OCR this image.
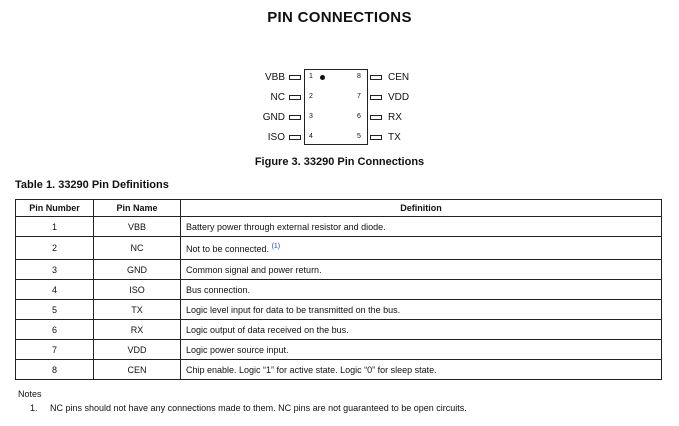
PIN CONNECTIONS
VBB	1
NC	2
GND	3
ISO	4
8	CEN
7	VDD
6	RX
5	TX
Figure 3. 33290 Pin Connections
Table 1. 33290 Pin Definitions
Pin Number	Pin Name	Definition
1	VBB	Battery power through external resistor and diode.
2	NC	Not to be connected. $^{(1)}$
3	GND	Common signal and power return.
4	ISO	Bus connection.
5	TX	Logic level input for data to be transmitted on the bus.
6	RX	Logic output of data received on the bus.
7	VDD	Logic power source input.
8	CEN	Chip enable. Logic “1” for active state. Logic “0” for sleep state.
Notes
1. NC pins should not have any connections made to them. NC pins are not guaranteed to be open circuits.
